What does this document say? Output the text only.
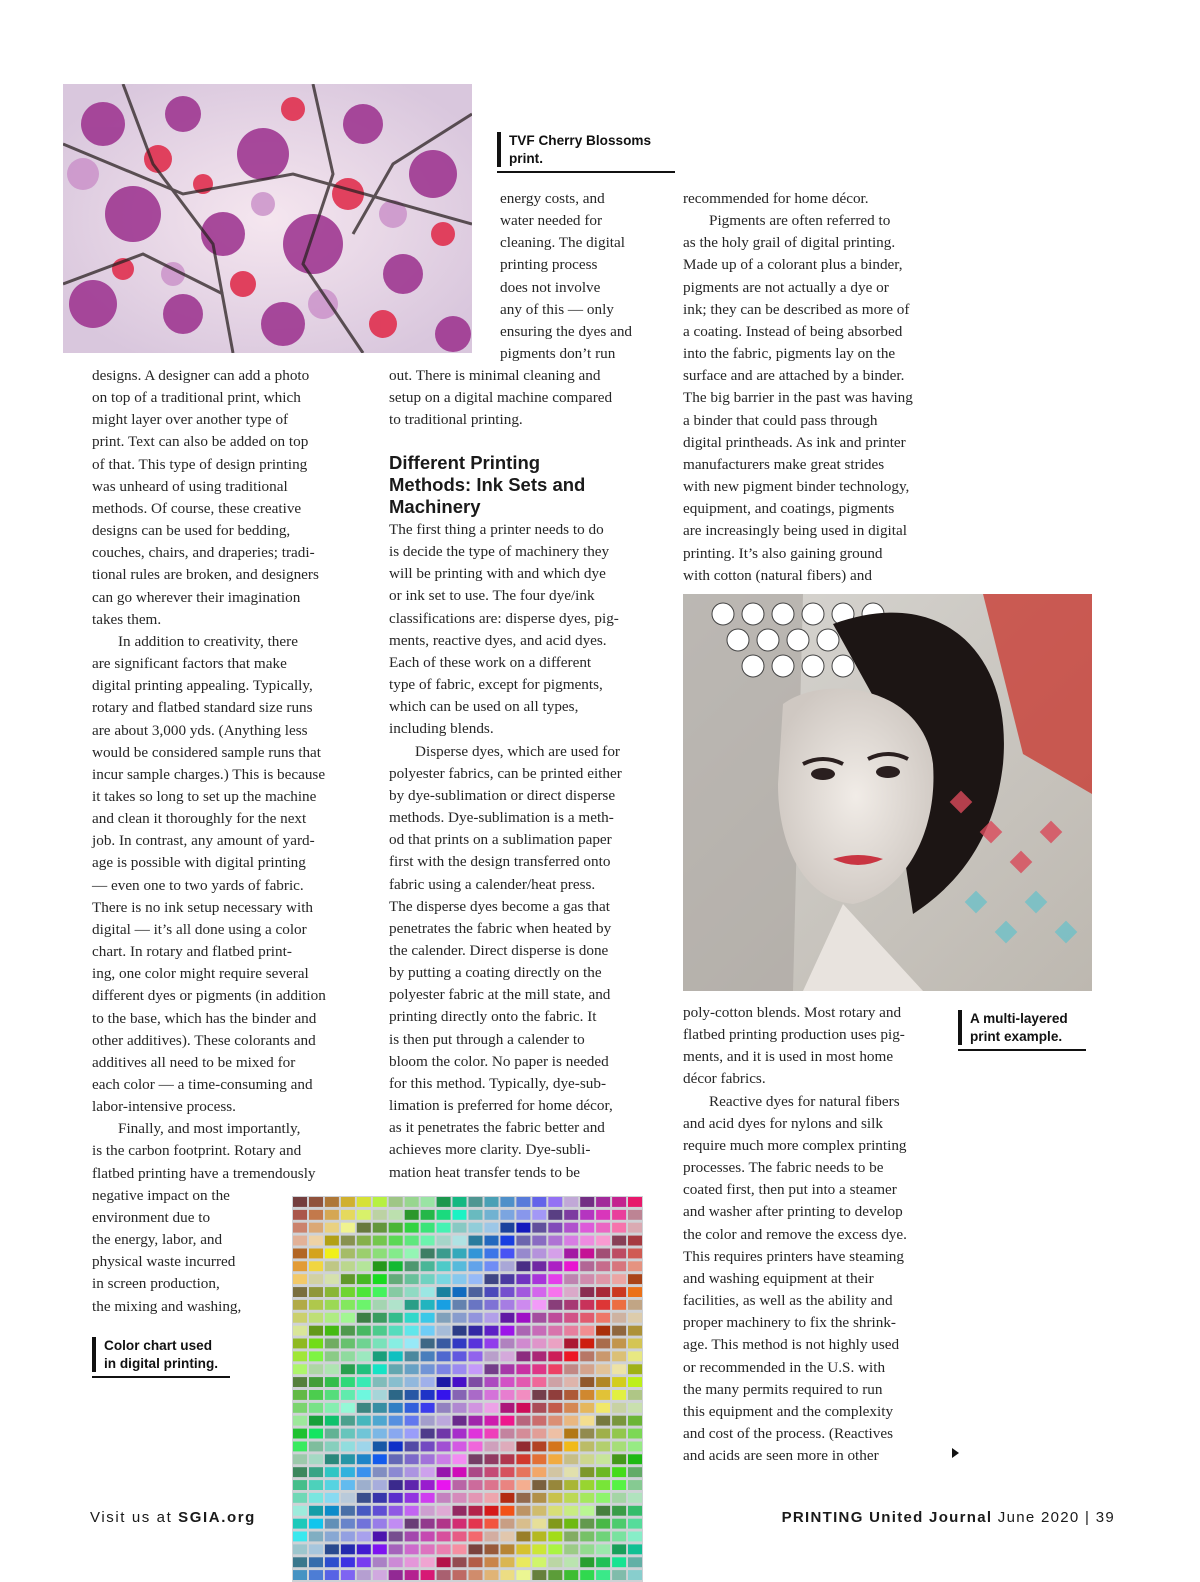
TVF Cherry Blossoms
print.
energy costs, and
water needed for
cleaning. The digital
printing process
does not involve
any of this — only
ensuring the dyes and
pigments don’t run
designs. A designer can add a photo
on top of a traditional print, which
might layer over another type of
print. Text can also be added on top
of that. This type of design printing
was unheard of using traditional
methods. Of course, these creative
designs can be used for bedding,
couches, chairs, and draperies; tradi-
tional rules are broken, and designers
can go wherever their imagination
takes them.
In addition to creativity, there
are significant factors that make
digital printing appealing. Typically,
rotary and flatbed standard size runs
are about 3,000 yds. (Anything less
would be considered sample runs that
incur sample charges.) This is because
it takes so long to set up the machine
and clean it thoroughly for the next
job. In contrast, any amount of yard-
age is possible with digital printing
— even one to two yards of fabric.
There is no ink setup necessary with
digital — it’s all done using a color
chart. In rotary and flatbed print-
ing, one color might require several
different dyes or pigments (in addition
to the base, which has the binder and
other additives). These colorants and
additives all need to be mixed for
each color — a time-consuming and
labor-intensive process.
Finally, and most importantly,
is the carbon footprint. Rotary and
flatbed printing have a tremendously
negative impact on the
environment due to
the energy, labor, and
physical waste incurred
in screen production,
the mixing and washing,
out. There is minimal cleaning and
setup on a digital machine compared
to traditional printing.
Different Printing
Methods: Ink Sets and
Machinery
The first thing a printer needs to do
is decide the type of machinery they
will be printing with and which dye
or ink set to use. The four dye/ink
classifications are: disperse dyes, pig-
ments, reactive dyes, and acid dyes.
Each of these work on a different
type of fabric, except for pigments,
which can be used on all types,
including blends.
Disperse dyes, which are used for
polyester fabrics, can be printed either
by dye-sublimation or direct disperse
methods. Dye-sublimation is a meth-
od that prints on a sublimation paper
first with the design transferred onto
fabric using a calender/heat press.
The disperse dyes become a gas that
penetrates the fabric when heated by
the calender. Direct disperse is done
by putting a coating directly on the
polyester fabric at the mill state, and
printing directly onto the fabric. It
is then put through a calender to
bloom the color. No paper is needed
for this method. Typically, dye-sub-
limation is preferred for home décor,
as it penetrates the fabric better and
achieves more clarity. Dye-subli-
mation heat transfer tends to be
recommended for home décor.
Pigments are often referred to
as the holy grail of digital printing.
Made up of a colorant plus a binder,
pigments are not actually a dye or
ink; they can be described as more of
a coating. Instead of being absorbed
into the fabric, pigments lay on the
surface and are attached by a binder.
The big barrier in the past was having
a binder that could pass through
digital printheads. As ink and printer
manufacturers make great strides
with new pigment binder technology,
equipment, and coatings, pigments
are increasingly being used in digital
printing. It’s also gaining ground
with cotton (natural fibers) and
A multi-layered
print example.
poly-cotton blends. Most rotary and
flatbed printing production uses pig-
ments, and it is used in most home
décor fabrics.
Reactive dyes for natural fibers
and acid dyes for nylons and silk
require much more complex printing
processes. The fabric needs to be
coated first, then put into a steamer
and washer after printing to develop
the color and remove the excess dye.
This requires printers have steaming
and washing equipment at their
facilities, as well as the ability and
proper machinery to fix the shrink-
age. This method is not highly used
or recommended in the U.S. with
the many permits required to run
this equipment and the complexity
and cost of the process. (Reactives
and acids are seen more in other
Color chart used
in digital printing.
Visit us at SGIA.org	PRINTING United Journal June 2020 | 39
